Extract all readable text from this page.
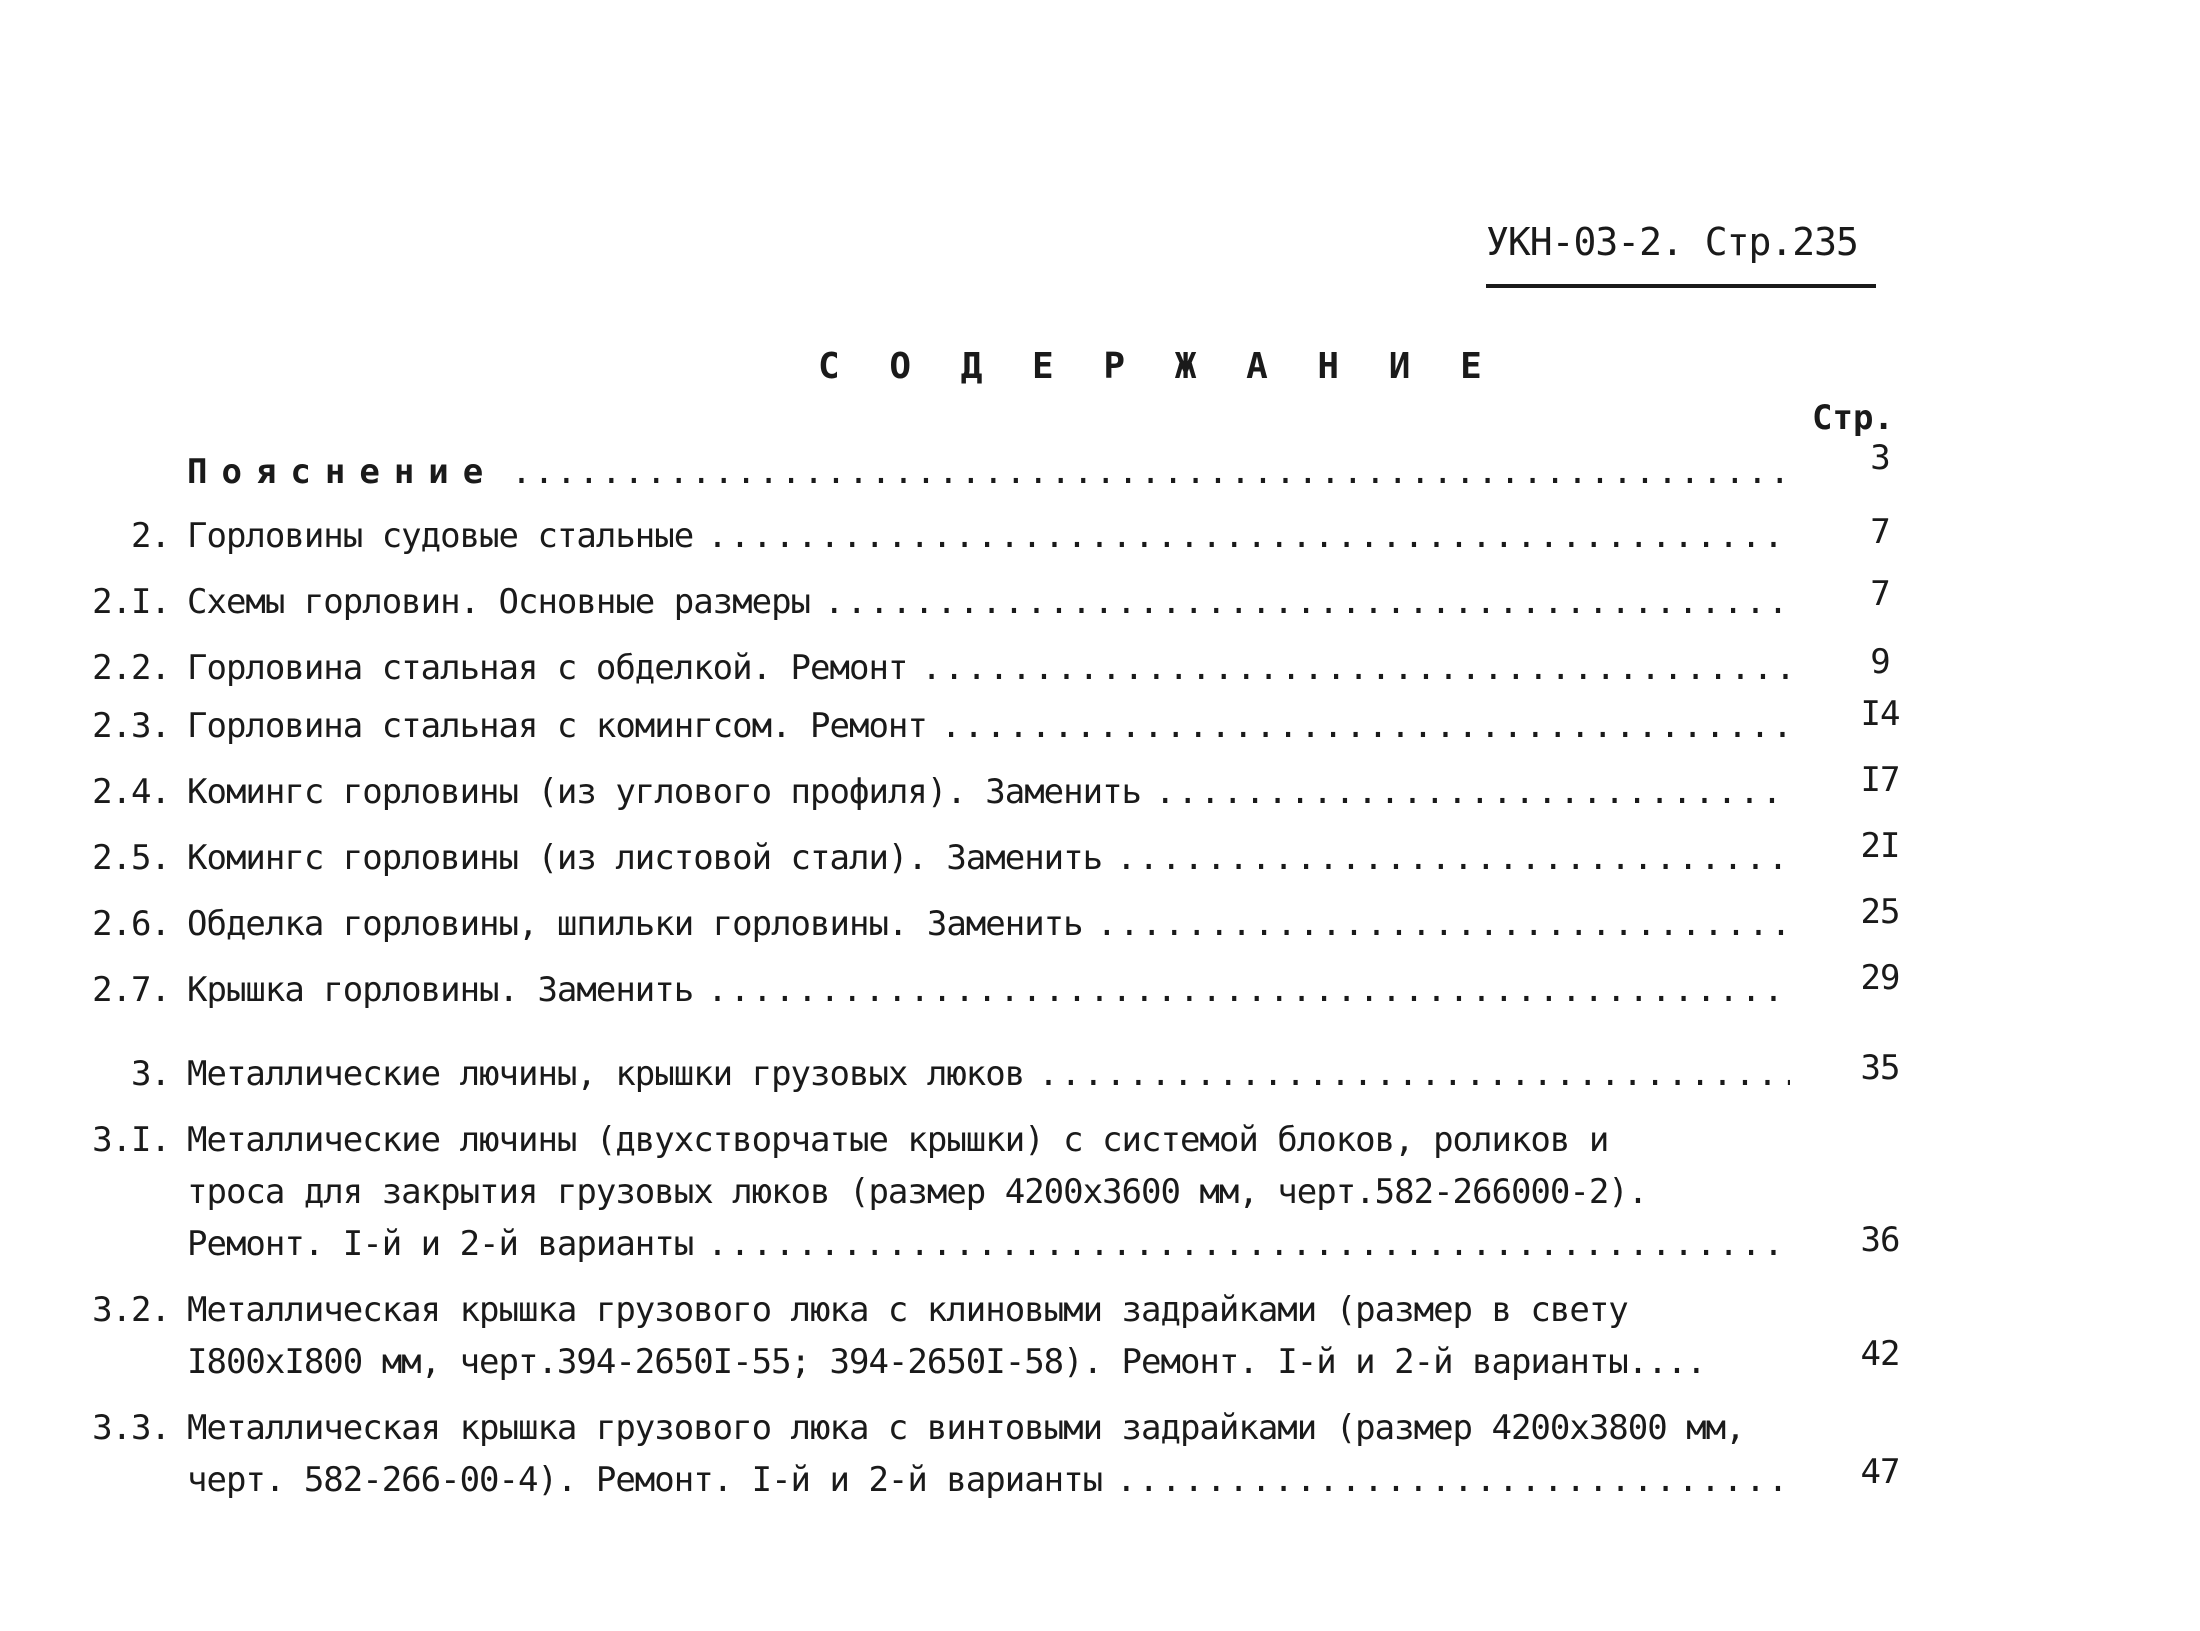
УКН-03-2. Стр.235
С О Д Е Р Ж А Н И Е
Стр.
Пояснение .....	3
2. Горловины судовые стальные .....	7
2.I. Схемы горловин. Основные размеры .....	7
2.2. Горловина стальная с обделкой. Ремонт .....	9
2.3. Горловина стальная с комингсом. Ремонт .....	I4
2.4. Комингс горловины (из углового профиля). Заменить .....	I7
2.5. Комингс горловины (из листовой стали). Заменить .....	2I
2.6. Обделка горловины, шпильки горловины. Заменить .....	25
2.7. Крышка горловины. Заменить .....	29
3. Металлические лючины, крышки грузовых люков .....	35
3.I. Металлические лючины (двухстворчатые крышки) с системой блоков, роликов и
троса для закрытия грузовых люков (размер 4200х3600 мм, черт.582-266000-2).
Ремонт. I-й и 2-й варианты .....	36
3.2. Металлическая крышка грузового люка с клиновыми задрайками (размер в свету
I800хI800 мм, черт.394-2650I-55; 394-2650I-58). Ремонт. I-й и 2-й варианты....	42
3.3. Металлическая крышка грузового люка с винтовыми задрайками (размер 4200х3800 мм,
черт. 582-266-00-4). Ремонт. I-й и 2-й варианты .....	47
